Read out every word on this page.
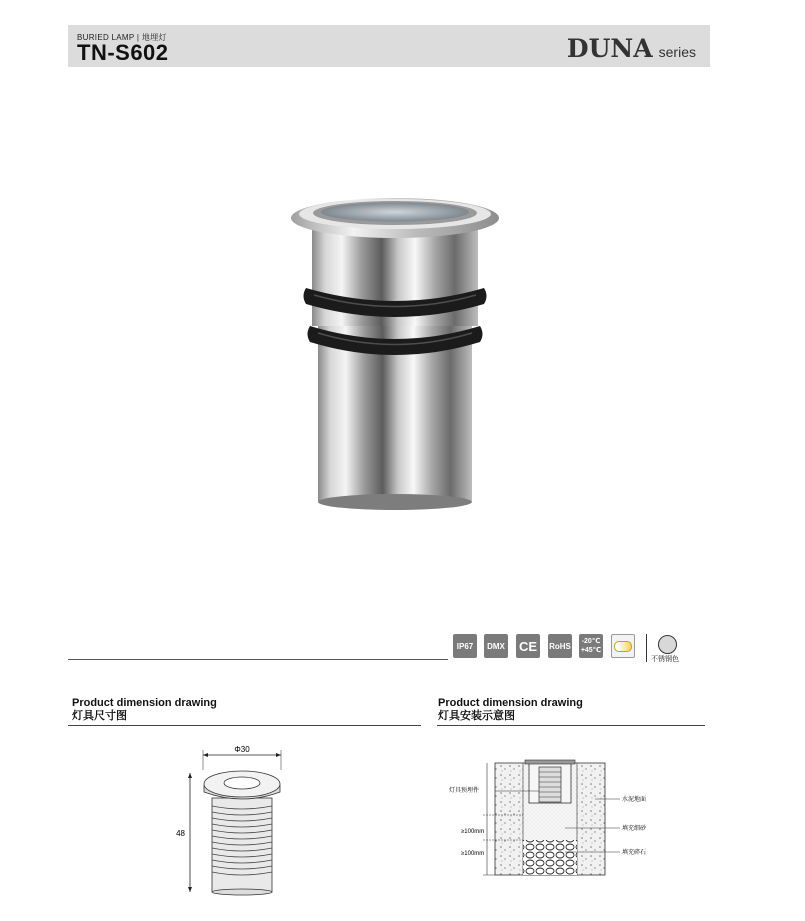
BURIED LAMP | 地埋灯
TN-S602	DUNA series
IP67 DMX CE RoHS -20℃
+45℃
不锈钢色
Product dimension drawing
灯具尺寸图
Product dimension drawing
灯具安装示意图
Φ30
48	≥100mm
≥100mm
灯具预埋件
水泥地面
填充细砂
填充碎石
